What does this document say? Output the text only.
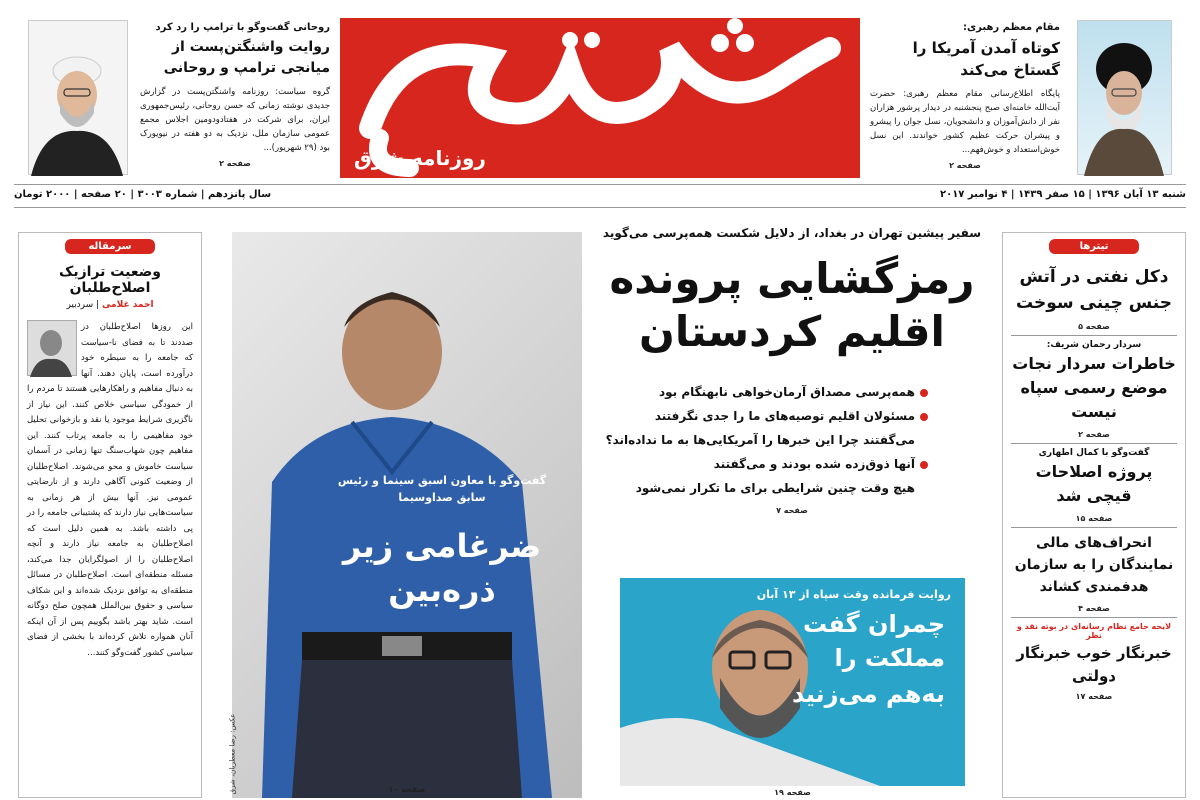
مقام معظم رهبری:
کوتاه آمدن آمریکا را گستاخ می‌کند
پایگاه اطلاع‌رسانی مقام معظم رهبری: حضرت آیت‌الله خامنه‌ای صبح پنجشنبه در دیدار پرشور هزاران نفر از دانش‌آموزان و دانشجویان، نسل جوان را پیشرو و پیشران حرکت عظیم کشور خواندند. این نسل خوش‌استعداد و خوش‌فهم...
صفحه ۲
روزنامه شرق
روحانی گفت‌وگو با ترامپ را رد کرد
روایت واشنگتن‌پست از میانجی ترامپ و روحانی
گروه سیاست: روزنامه واشنگتن‌پست در گزارش جدیدی نوشته زمانی که حسن روحانی، رئیس‌جمهوری ایران، برای شرکت در هفتادودومین اجلاس مجمع عمومی سازمان ملل، نزدیک به دو هفته در نیویورک بود (۲۹ شهریور)...
صفحه ۲
شنبه ۱۳ آبان ۱۳۹۶ | ۱۵ صفر ۱۴۳۹ | ۴ نوامبر ۲۰۱۷
سال پانزدهم | شماره ۳۰۰۳ | ۲۰ صفحه | ۲۰۰۰ تومان
سرمقاله
وضعیت ترازیک اصلاح‌طلبان
احمد غلامی | سردبیر
این روزها اصلاح‌طلبان در صددند تا به فضای نا-سیاست که جامعه را به سیطره خود درآورده است، پایان دهند. آنها به دنبال مفاهیم و راهکارهایی هستند تا مردم را از خمودگی سیاسی خلاص کنند. این نیاز از ناگزیری شرایط موجود یا نقد و بازخوانی تحلیل خود مفاهیمی را به جامعه پرتاب کنند. این مفاهیم چون شهاب‌سنگ تنها زمانی در آسمان سیاست خاموش و محو می‌شوند. اصلاح‌طلبان از وضعیت کنونی آگاهی دارند و از نارضایتی عمومی نیز. آنها بیش از هر زمانی به سیاست‌هایی نیاز دارند که پشتیبانی جامعه را در پی داشته باشد. به همین دلیل است که اصلاح‌طلبان به جامعه نیاز دارند و آنچه اصلاح‌طلبان را از اصولگرایان جدا می‌کند، مسئله منطقه‌ای است. اصلاح‌طلبان در مسائل منطقه‌ای به توافق نزدیک شده‌اند و این شکاف سیاسی و حقوق بین‌الملل همچون صلح دوگانه است. شاید بهتر باشد بگوییم پس از آن اینکه آنان همواره تلاش کرده‌اند با بخشی از فضای سیاسی کشور گفت‌وگو کنند...
گفت‌وگو با معاون اسبق سینما و رئیس سابق صداوسیما
ضرغامی زیر ذره‌بین
عکس: رضا معطریان، شرق	صفحه ۱۰
سفیر پیشین تهران در بغداد، از دلایل شکست همه‌پرسی می‌گوید
رمزگشایی پرونده
اقلیم کردستان
همه‌پرسی مصداق آرمان‌خواهی نابهنگام بود
مسئولان اقلیم توصیه‌های ما را جدی نگرفتند
می‌گفتند چرا این خبرها را آمریکایی‌ها به ما نداده‌اند؟
آنها ذوق‌زده شده بودند و می‌گفتند
هیچ وقت چنین شرایطی برای ما تکرار نمی‌شود
صفحه ۷
روایت فرمانده وقت سپاه از ۱۳ آبان
چمران گفت
مملکت را
به‌هم می‌زنید
صفحه ۱۹
تیترها
دکل نفتی در آتش جنس چینی سوخت
صفحه ۵
سردار رحمان شریف:
خاطرات سردار نجات موضع رسمی سپاه نیست
صفحه ۲
گفت‌وگو با کمال اطهاری
پروژه اصلاحات قیچی شد
صفحه ۱۵
انحراف‌های مالی نمایندگان را به سازمان هدفمندی کشاند
صفحه ۴
لایحه جامع نظام رسانه‌ای در بوته نقد و نظر
خبرنگار خوب خبرنگار دولتی
صفحه ۱۷
